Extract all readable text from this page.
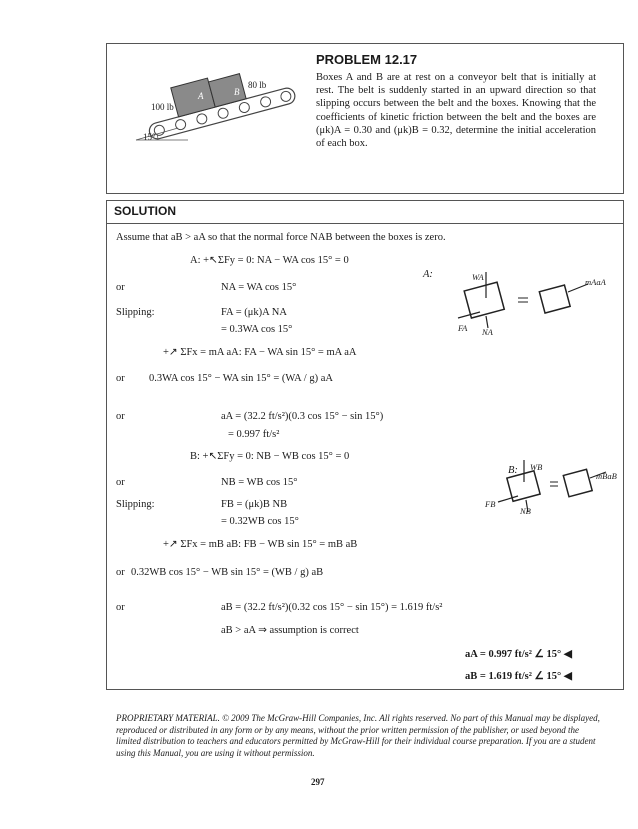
100 lb
80 lb
A	B
15°
PROBLEM 12.17
Boxes A and B are at rest on a conveyor belt that is initially at rest. The belt is suddenly started in an upward direction so that slipping occurs between the belt and the boxes. Knowing that the coefficients of kinetic friction between the belt and the boxes are (μk)A = 0.30 and (μk)B = 0.32, determine the initial acceleration of each box.
SOLUTION
Assume that aB > aA so that the normal force NAB between the boxes is zero.
A: +↖ΣFy = 0: NA − WA cos 15° = 0
or	NA = WA cos 15°
Slipping:	FA = (μk)A NA
= 0.3WA cos 15°
+↗ ΣFx = mA aA: FA − WA sin 15° = mA aA
or 0.3WA cos 15° − WA sin 15° = (WA / g) aA
or	aA = (32.2 ft/s²)(0.3 cos 15° − sin 15°)
= 0.997 ft/s²
B: +↖ΣFy = 0: NB − WB cos 15° = 0
or	NB = WB cos 15°
Slipping:	FB = (μk)B NB
= 0.32WB cos 15°
+↗ ΣFx = mB aB: FB − WB sin 15° = mB aB
or 0.32WB cos 15° − WB sin 15° = (WB / g) aB
or	aB = (32.2 ft/s²)(0.32 cos 15° − sin 15°) = 1.619 ft/s²
aB > aA ⇒ assumption is correct
aA = 0.997 ft/s² ∠ 15° ◀
aB = 1.619 ft/s² ∠ 15° ◀
A:	WA
FA NA
mAaA
B: WB
FB
NB
mBaB
PROPRIETARY MATERIAL. © 2009 The McGraw-Hill Companies, Inc. All rights reserved. No part of this Manual may be displayed, reproduced or distributed in any form or by any means, without the prior written permission of the publisher, or used beyond the limited distribution to teachers and educators permitted by McGraw-Hill for their individual course preparation. If you are a student using this Manual, you are using it without permission.
297
